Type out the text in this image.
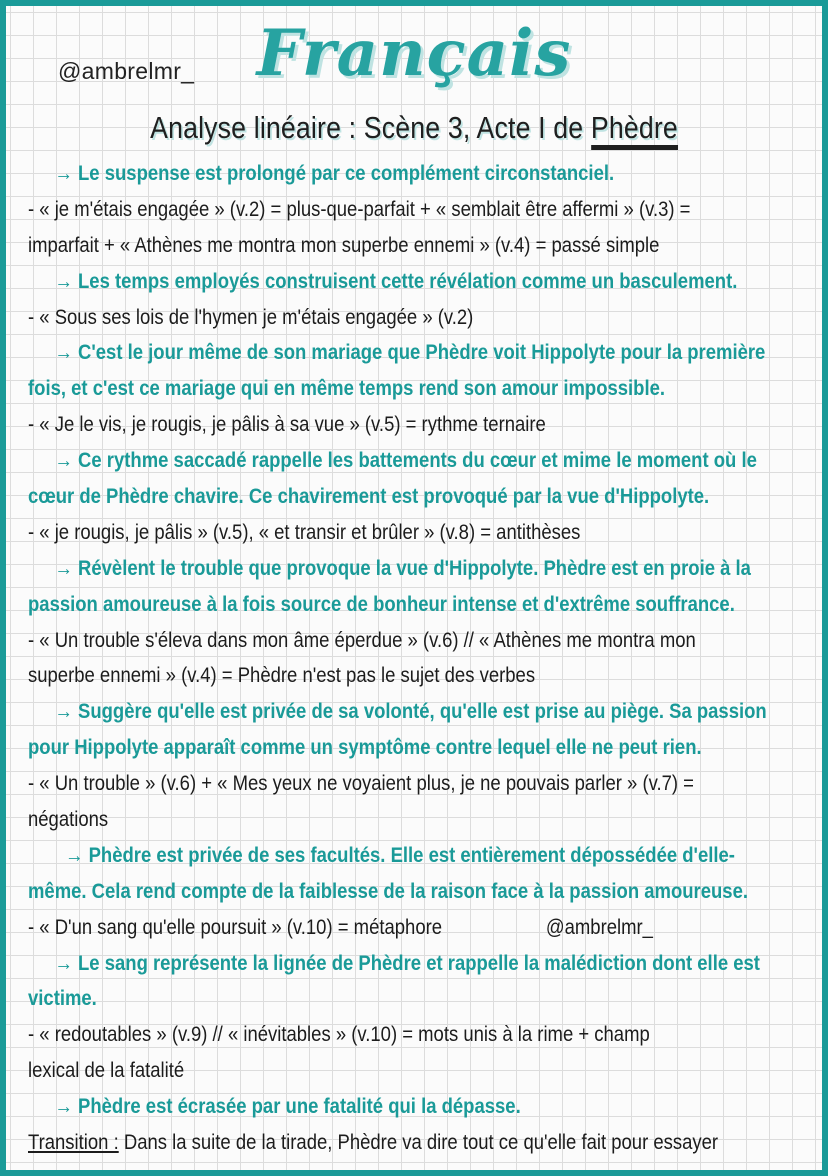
@ambrelmr_ Français
Analyse linéaire : Scène 3, Acte I de Phèdre
→ Le suspense est prolongé par ce complément circonstanciel.
- « je m'étais engagée » (v.2) = plus-que-parfait + « semblait être affermi » (v.3) =
imparfait + « Athènes me montra mon superbe ennemi » (v.4) = passé simple
→ Les temps employés construisent cette révélation comme un basculement.
- « Sous ses lois de l'hymen je m'étais engagée » (v.2)
→ C'est le jour même de son mariage que Phèdre voit Hippolyte pour la première
fois, et c'est ce mariage qui en même temps rend son amour impossible.
- « Je le vis, je rougis, je pâlis à sa vue » (v.5) = rythme ternaire
→ Ce rythme saccadé rappelle les battements du cœur et mime le moment où le
cœur de Phèdre chavire. Ce chavirement est provoqué par la vue d'Hippolyte.
- « je rougis, je pâlis » (v.5), « et transir et brûler » (v.8) = antithèses
→ Révèlent le trouble que provoque la vue d'Hippolyte. Phèdre est en proie à la
passion amoureuse à la fois source de bonheur intense et d'extrême souffrance.
- « Un trouble s'éleva dans mon âme éperdue » (v.6) // « Athènes me montra mon
superbe ennemi » (v.4) = Phèdre n'est pas le sujet des verbes
→ Suggère qu'elle est privée de sa volonté, qu'elle est prise au piège. Sa passion
pour Hippolyte apparaît comme un symptôme contre lequel elle ne peut rien.
- « Un trouble » (v.6) + « Mes yeux ne voyaient plus, je ne pouvais parler » (v.7) =
négations
→ Phèdre est privée de ses facultés. Elle est entièrement dépossédée d'elle-
même. Cela rend compte de la faiblesse de la raison face à la passion amoureuse.
- « D'un sang qu'elle poursuit » (v.10) = métaphore	@ambrelmr_
→ Le sang représente la lignée de Phèdre et rappelle la malédiction dont elle est
victime.
- « redoutables » (v.9) // « inévitables » (v.10) = mots unis à la rime + champ
lexical de la fatalité
→ Phèdre est écrasée par une fatalité qui la dépasse.
Transition : Dans la suite de la tirade, Phèdre va dire tout ce qu'elle fait pour essayer
